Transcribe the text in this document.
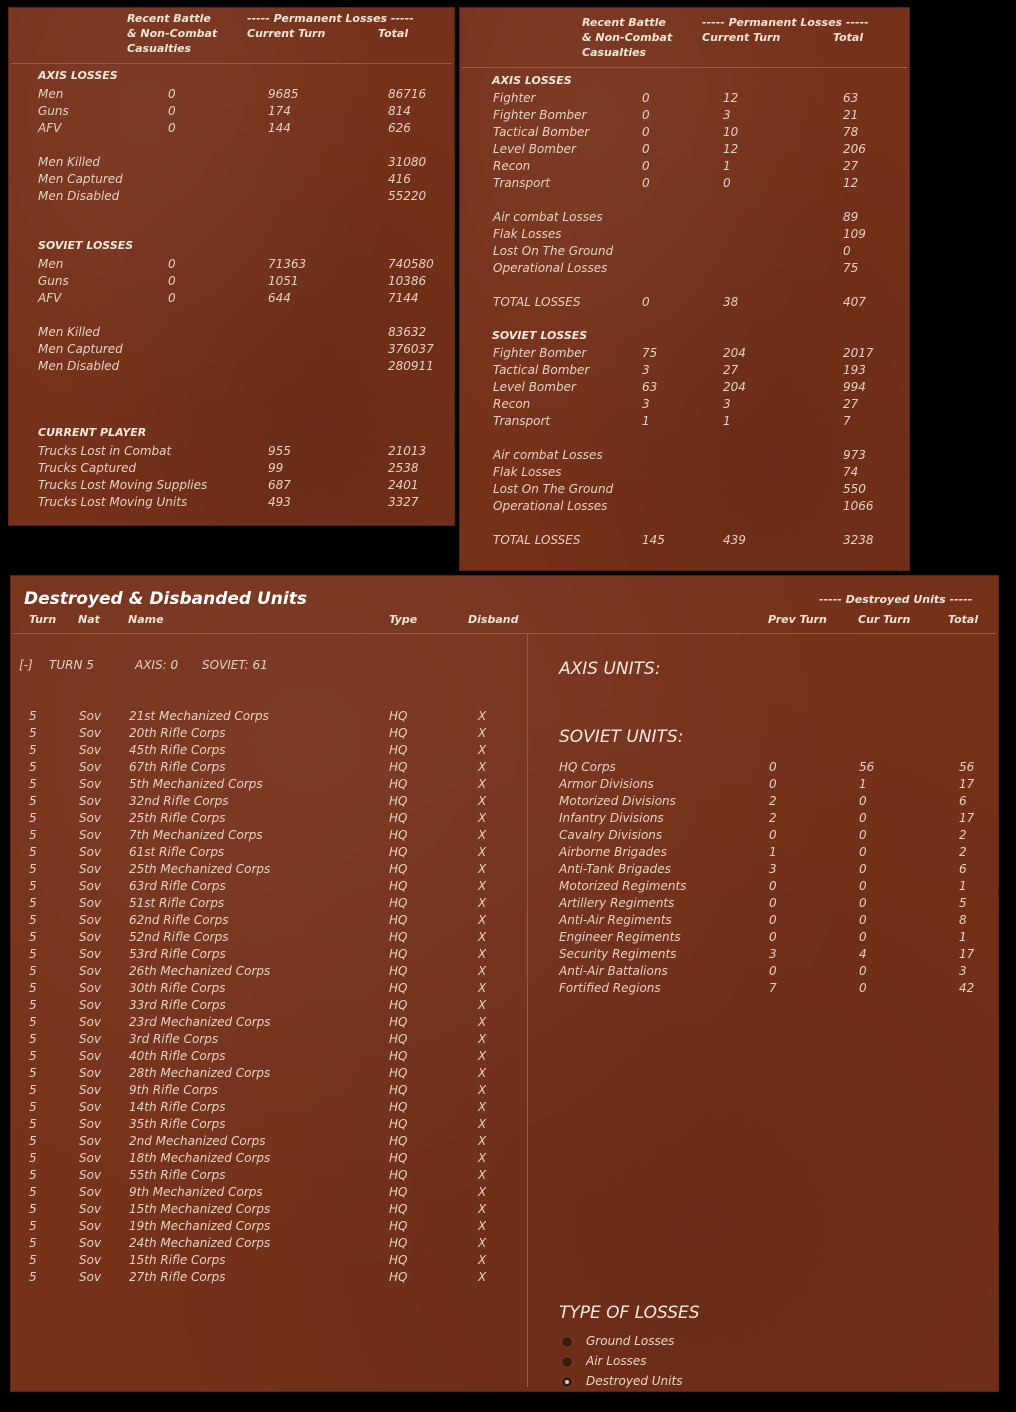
Recent Battle
& Non-Combat
Casualties
----- Permanent Losses -----
Current Turn	Total
AXIS LOSSES
Men	0	9685	86716
Guns	0	174	814
AFV	0	144	626
Men Killed	31080
Men Captured	416
Men Disabled	55220
SOVIET LOSSES
Men	0	71363	740580
Guns	0	1051	10386
AFV	0	644	7144
Men Killed	83632
Men Captured	376037
Men Disabled	280911
CURRENT PLAYER
Trucks Lost in Combat	955	21013
Trucks Captured	99	2538
Trucks Lost Moving Supplies	687	2401
Trucks Lost Moving Units	493	3327
Recent Battle
& Non-Combat
Casualties
----- Permanent Losses -----
Current Turn	Total
AXIS LOSSES
Fighter	0	12	63
Fighter Bomber	0	3	21
Tactical Bomber	0	10	78
Level Bomber	0	12	206
Recon	0	1	27
Transport	0	0	12
Air combat Losses	89
Flak Losses	109
Lost On The Ground	0
Operational Losses	75
TOTAL LOSSES	0	38	407
SOVIET LOSSES
Fighter Bomber	75	204	2017
Tactical Bomber	3	27	193
Level Bomber	63	204	994
Recon	3	3	27
Transport	1	1	7
Air combat Losses	973
Flak Losses	74
Lost On The Ground	550
Operational Losses	1066
TOTAL LOSSES	145	439	3238
Destroyed & Disbanded Units
Turn Nat	Name	Type	Disband
----- Destroyed Units -----
Prev Turn	Cur Turn	Total
[-] TURN 5	AXIS: 0 SOVIET: 61
5	Sov 21st Mechanized Corps	HQ	X
5	Sov 20th Rifle Corps	HQ	X
5	Sov 45th Rifle Corps	HQ	X
5	Sov 67th Rifle Corps	HQ	X
5	Sov 5th Mechanized Corps	HQ	X
5	Sov 32nd Rifle Corps	HQ	X
5	Sov 25th Rifle Corps	HQ	X
5	Sov 7th Mechanized Corps	HQ	X
5	Sov 61st Rifle Corps	HQ	X
5	Sov 25th Mechanized Corps	HQ	X
5	Sov 63rd Rifle Corps	HQ	X
5	Sov 51st Rifle Corps	HQ	X
5	Sov 62nd Rifle Corps	HQ	X
5	Sov 52nd Rifle Corps	HQ	X
5	Sov 53rd Rifle Corps	HQ	X
5	Sov 26th Mechanized Corps	HQ	X
5	Sov 30th Rifle Corps	HQ	X
5	Sov 33rd Rifle Corps	HQ	X
5	Sov 23rd Mechanized Corps	HQ	X
5	Sov 3rd Rifle Corps	HQ	X
5	Sov 40th Rifle Corps	HQ	X
5	Sov 28th Mechanized Corps	HQ	X
5	Sov 9th Rifle Corps	HQ	X
5	Sov 14th Rifle Corps	HQ	X
5	Sov 35th Rifle Corps	HQ	X
5	Sov 2nd Mechanized Corps	HQ	X
5	Sov 18th Mechanized Corps	HQ	X
5	Sov 55th Rifle Corps	HQ	X
5	Sov 9th Mechanized Corps	HQ	X
5	Sov 15th Mechanized Corps	HQ	X
5	Sov 19th Mechanized Corps	HQ	X
5	Sov 24th Mechanized Corps	HQ	X
5	Sov 15th Rifle Corps	HQ	X
5	Sov 27th Rifle Corps	HQ	X
AXIS UNITS:
SOVIET UNITS:
HQ Corps	0	56	56
Armor Divisions	0	1	17
Motorized Divisions	2	0	6
Infantry Divisions	2	0	17
Cavalry Divisions	0	0	2
Airborne Brigades	1	0	2
Anti-Tank Brigades	3	0	6
Motorized Regiments	0	0	1
Artillery Regiments	0	0	5
Anti-Air Regiments	0	0	8
Engineer Regiments	0	0	1
Security Regiments	3	4	17
Anti-Air Battalions	0	0	3
Fortified Regions	7	0	42
TYPE OF LOSSES
Ground Losses
Air Losses
Destroyed Units
